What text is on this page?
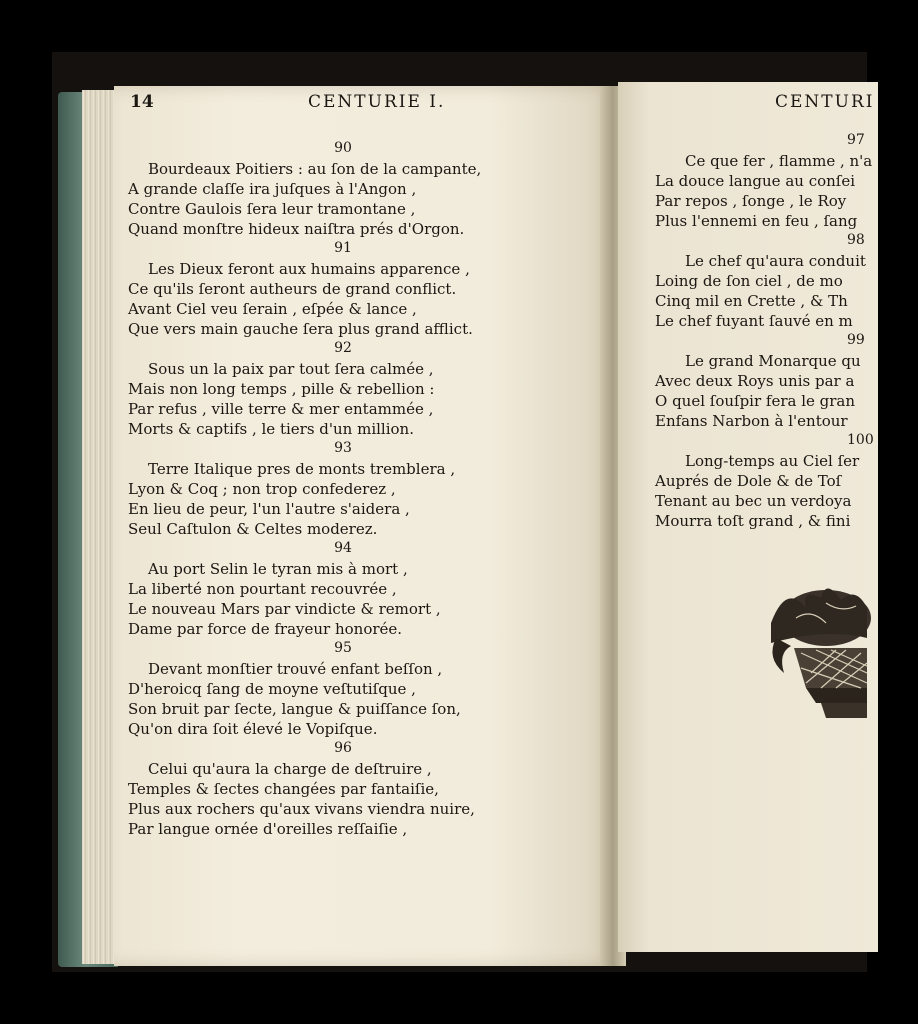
14	CENTURIE I.
90
Bourdeaux Poitiers : au ſon de la campante,
A grande claſſe ira juſques à l'Angon ,
Contre Gaulois ſera leur tramontane ,
Quand monſtre hideux naiſtra prés d'Orgon.
91
Les Dieux feront aux humains apparence ,
Ce qu'ils ſeront autheurs de grand conflict.
Avant Ciel veu ſerain , eſpée & lance ,
Que vers main gauche ſera plus grand afflict.
92
Sous un la paix par tout ſera calmée ,
Mais non long temps , pille & rebellion :
Par refus , ville terre & mer entammée ,
Morts & captifs , le tiers d'un million.
93
Terre Italique pres de monts tremblera ,
Lyon & Coq ; non trop confederez ,
En lieu de peur, l'un l'autre s'aidera ,
Seul Caſtulon & Celtes moderez.
94
Au port Selin le tyran mis à mort ,
La liberté non pourtant recouvrée ,
Le nouveau Mars par vindicte & remort ,
Dame par force de frayeur honorée.
95
Devant monſtier trouvé enfant beſſon ,
D'heroicq ſang de moyne veſtutiſque ,
Son bruit par ſecte, langue & puiſſance ſon,
Qu'on dira ſoit élevé le Vopiſque.
96
Celui qu'aura la charge de deſtruire ,
Temples & ſectes changées par fantaiſie,
Plus aux rochers qu'aux vivans viendra nuire,
Par langue ornée d'oreilles reſſaiſie ,
CENTURI
97
Ce que fer , flamme , n'a
La douce langue au conſei
Par repos , ſonge , le Roy
Plus l'ennemi en feu , ſang
98
Le chef qu'aura conduit
Loing de ſon ciel , de mo
Cinq mil en Crette , & Th
Le chef fuyant ſauvé en m
99
Le grand Monarque qu
Avec deux Roys unis par a
O quel ſouſpir fera le gran
Enfans Narbon à l'entour
100
Long-temps au Ciel ſer
Auprés de Dole & de Toſ
Tenant au bec un verdoya
Mourra toſt grand , & fini
